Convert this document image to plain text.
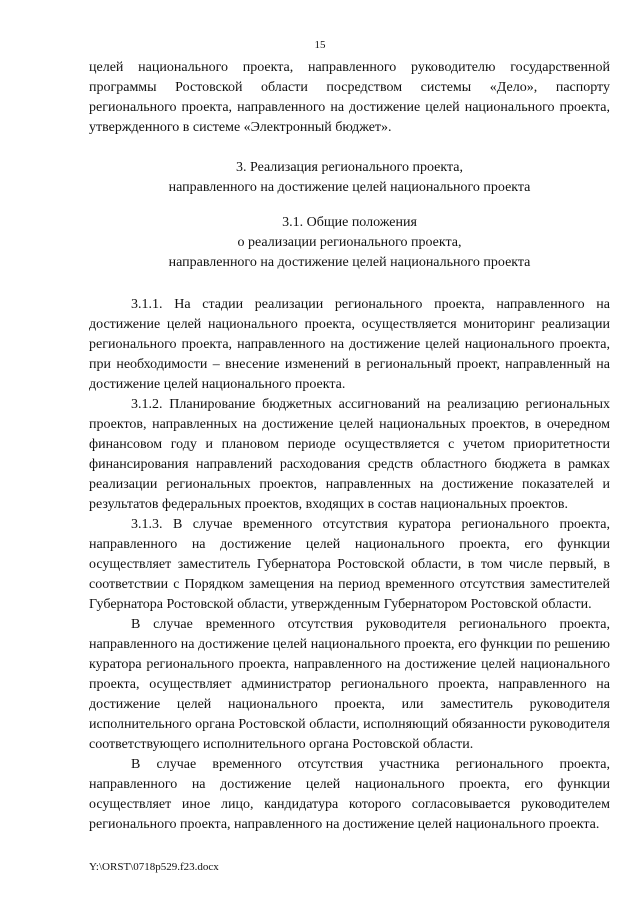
15

целей национального проекта, направленного руководителю государственной программы Ростовской области посредством системы «Дело», паспорту регионального проекта, направленного на достижение целей национального проекта, утвержденного в системе «Электронный бюджет».

3. Реализация регионального проекта,

направленного на достижение целей национального проекта

3.1. Общие положения

о реализации регионального проекта,

направленного на достижение целей национального проекта

3.1.1. На стадии реализации регионального проекта, направленного на достижение целей национального проекта, осуществляется мониторинг реализации регионального проекта, направленного на достижение целей национального проекта, при необходимости – внесение изменений в региональный проект, направленный на достижение целей национального проекта.

3.1.2. Планирование бюджетных ассигнований на реализацию региональных проектов, направленных на достижение целей национальных проектов, в очередном финансовом году и плановом периоде осуществляется с учетом приоритетности финансирования направлений расходования средств областного бюджета в рамках реализации региональных проектов, направленных на достижение показателей и результатов федеральных проектов, входящих в состав национальных проектов.

3.1.3. В случае временного отсутствия куратора регионального проекта, направленного на достижение целей национального проекта, его функции осуществляет заместитель Губернатора Ростовской области, в том числе первый, в соответствии с Порядком замещения на период временного отсутствия заместителей Губернатора Ростовской области, утвержденным Губернатором Ростовской области.

В случае временного отсутствия руководителя регионального проекта, направленного на достижение целей национального проекта, его функции по решению куратора регионального проекта, направленного на достижение целей национального проекта, осуществляет администратор регионального проекта, направленного на достижение целей национального проекта, или заместитель руководителя исполнительного органа Ростовской области, исполняющий обязанности руководителя соответствующего исполнительного органа Ростовской области.

В случае временного отсутствия участника регионального проекта, направленного на достижение целей национального проекта, его функции осуществляет иное лицо, кандидатура которого согласовывается руководителем регионального проекта, направленного на достижение целей национального проекта.

Y:\ORST\0718p529.f23.docx
